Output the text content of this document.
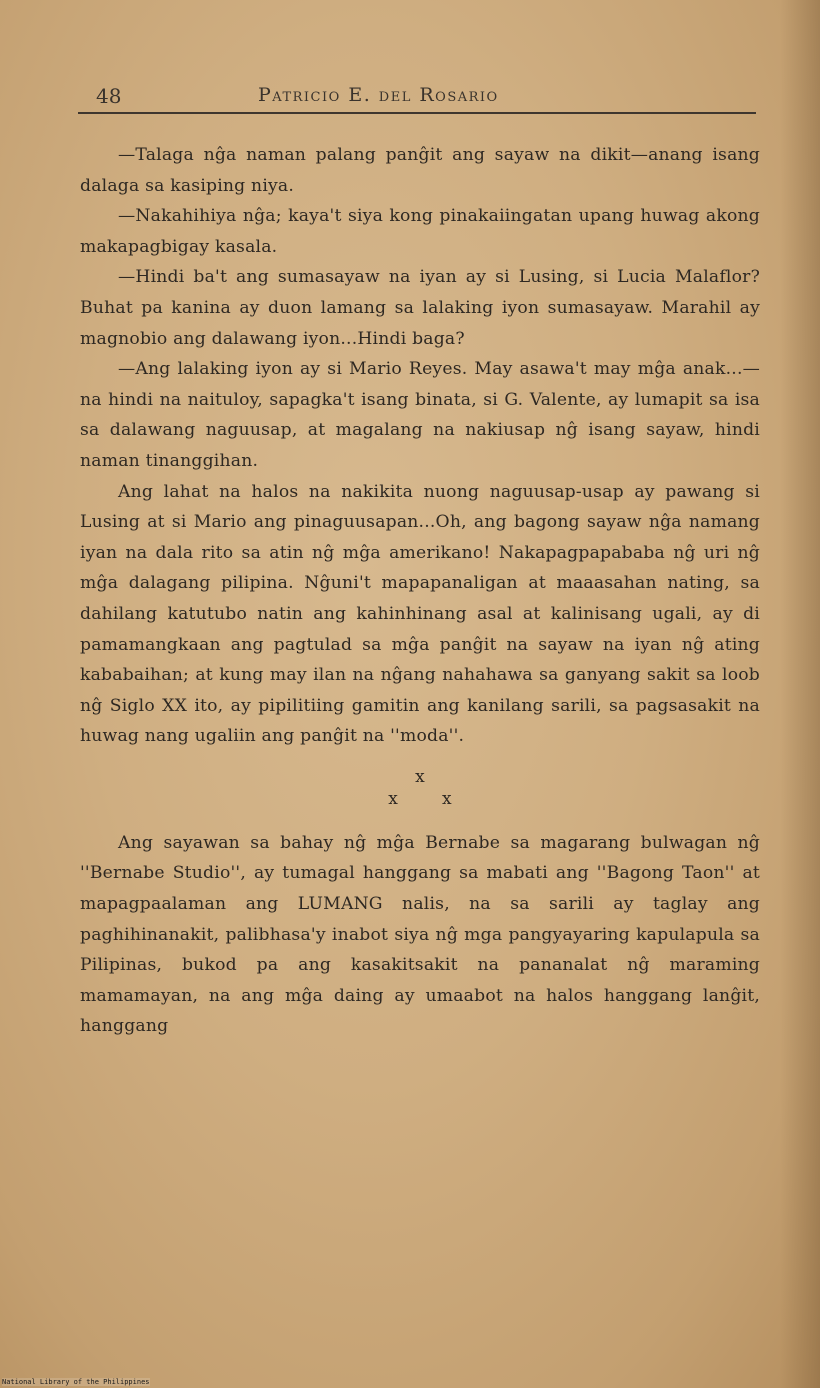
48	Patricio E. del Rosario

—Talaga nĝa naman palang panĝit ang sayaw na dikit—anang isang dalaga sa kasiping niya.

—Nakahihiya nĝa; kaya't siya kong pinakaiingatan upang huwag akong makapagbigay kasala.

—Hindi ba't ang sumasayaw na iyan ay si Lusing, si Lucia Malaflor? Buhat pa kanina ay duon lamang sa lalaking iyon sumasayaw. Marahil ay magnobio ang dalawang iyon...Hindi baga?

—Ang lalaking iyon ay si Mario Reyes. May asawa't may mĝa anak...—na hindi na naituloy, sapagka't isang binata, si G. Valente, ay lumapit sa isa sa dalawang naguusap, at magalang na nakiusap nĝ isang sayaw, hindi naman tinanggihan.

Ang lahat na halos na nakikita nuong naguusap-usap ay pawang si Lusing at si Mario ang pinaguusapan...Oh, ang bagong sayaw nĝa namang iyan na dala rito sa atin nĝ mĝa amerikano! Nakapagpapababa nĝ uri nĝ mĝa dalagang pilipina. Nĝuni't mapapanaligan at maaasahan nating, sa dahilang katutubo natin ang kahinhinang asal at kalinisang ugali, ay di pamamangkaan ang pagtulad sa mĝa panĝit na sayaw na iyan nĝ ating kababaihan; at kung may ilan na nĝang nahahawa sa ganyang sakit sa loob nĝ Siglo XX ito, ay pipilitiing gamitin ang kanilang sarili, sa pagsasakit na huwag nang ugaliin ang panĝit na ''moda''.

x
x	x

Ang sayawan sa bahay nĝ mĝa Bernabe sa magarang bulwagan nĝ ''Bernabe Studio'', ay tumagal hanggang sa mabati ang ''Bagong Taon'' at mapagpaalaman ang LUMANG nalis, na sa sarili ay taglay ang paghihinanakit, palibhasa'y inabot siya nĝ mga pangyayaring kapulapula sa Pilipinas, bukod pa ang kasakitsakit na pananalat nĝ maraming mamamayan, na ang mĝa daing ay umaabot na halos hanggang lanĝit, hanggang

National Library of the Philippines
